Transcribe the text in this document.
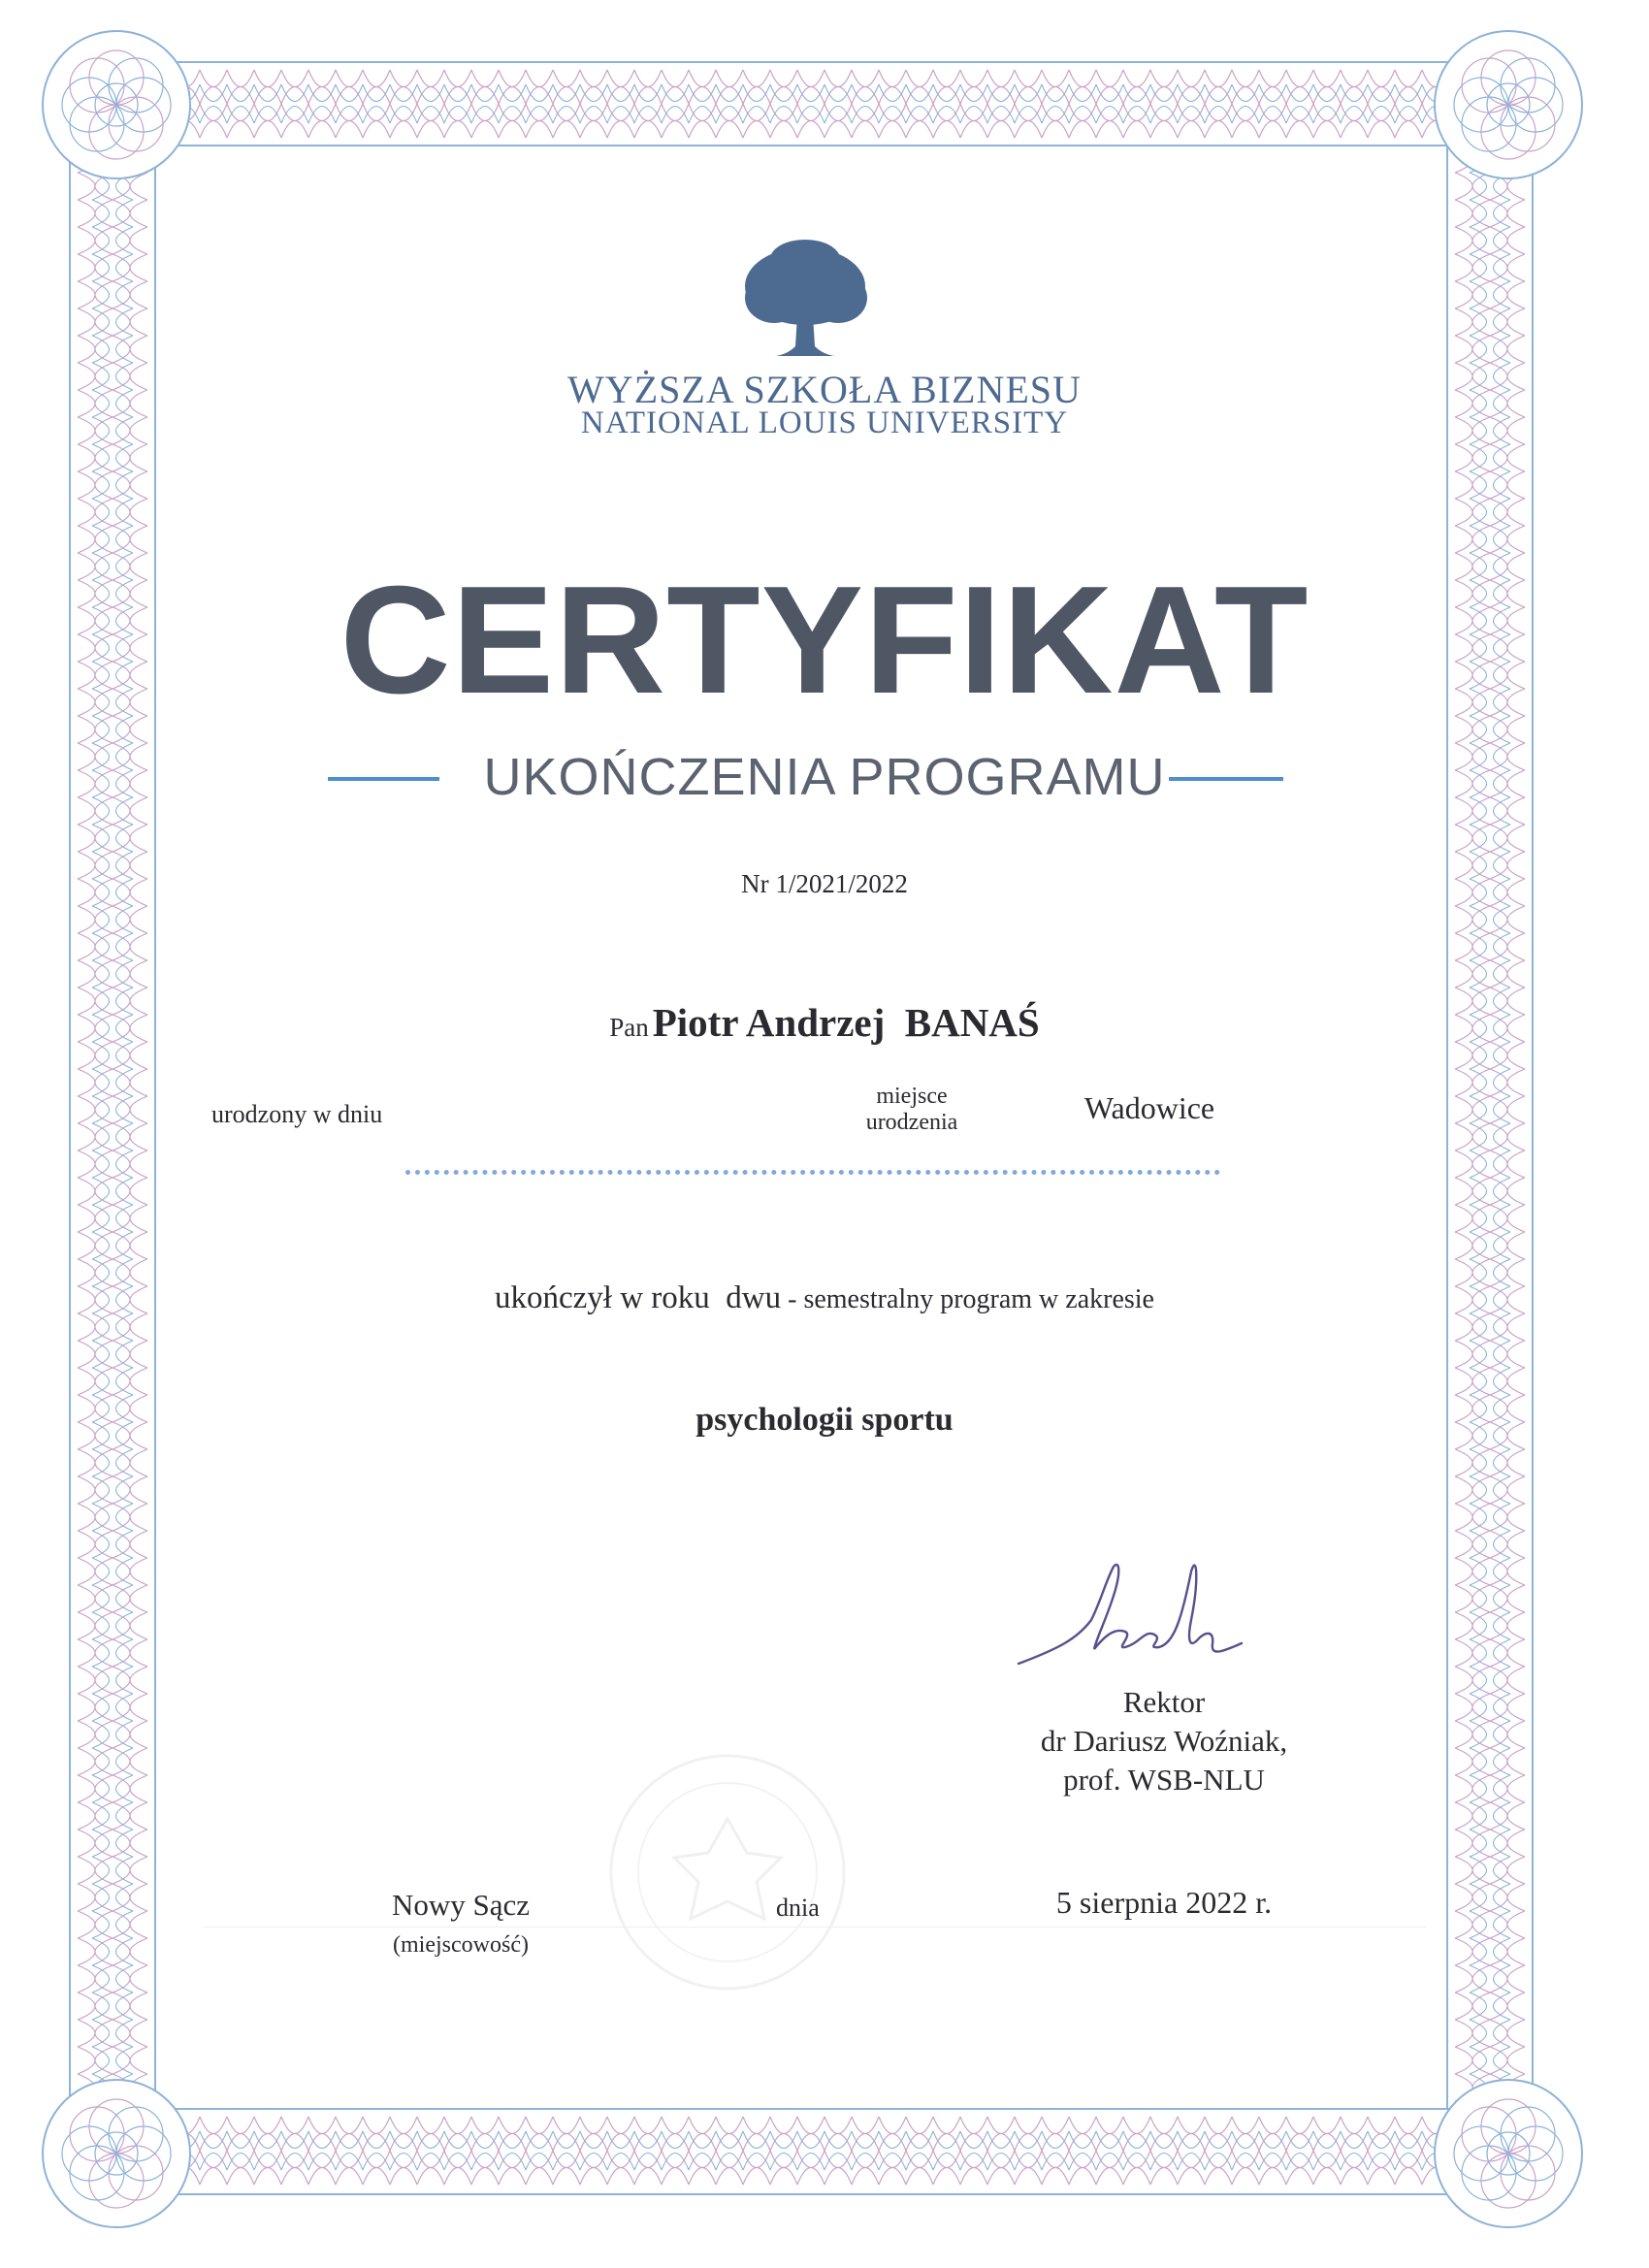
WYŻSZA SZKOŁA BIZNESU
NATIONAL LOUIS UNIVERSITY
CERTYFIKAT
UKOŃCZENIA PROGRAMU
Nr 1/2021/2022
Pan Piotr Andrzej  BANAŚ
urodzony w dniu
miejsce
urodzenia	Wadowice
ukończył w roku  dwu - semestralny program w zakresie
psychologii sportu
Rektor
dr Dariusz Woźniak,
prof. WSB-NLU
Nowy Sącz
(miejscowość)
dnia	5 sierpnia 2022 r.
